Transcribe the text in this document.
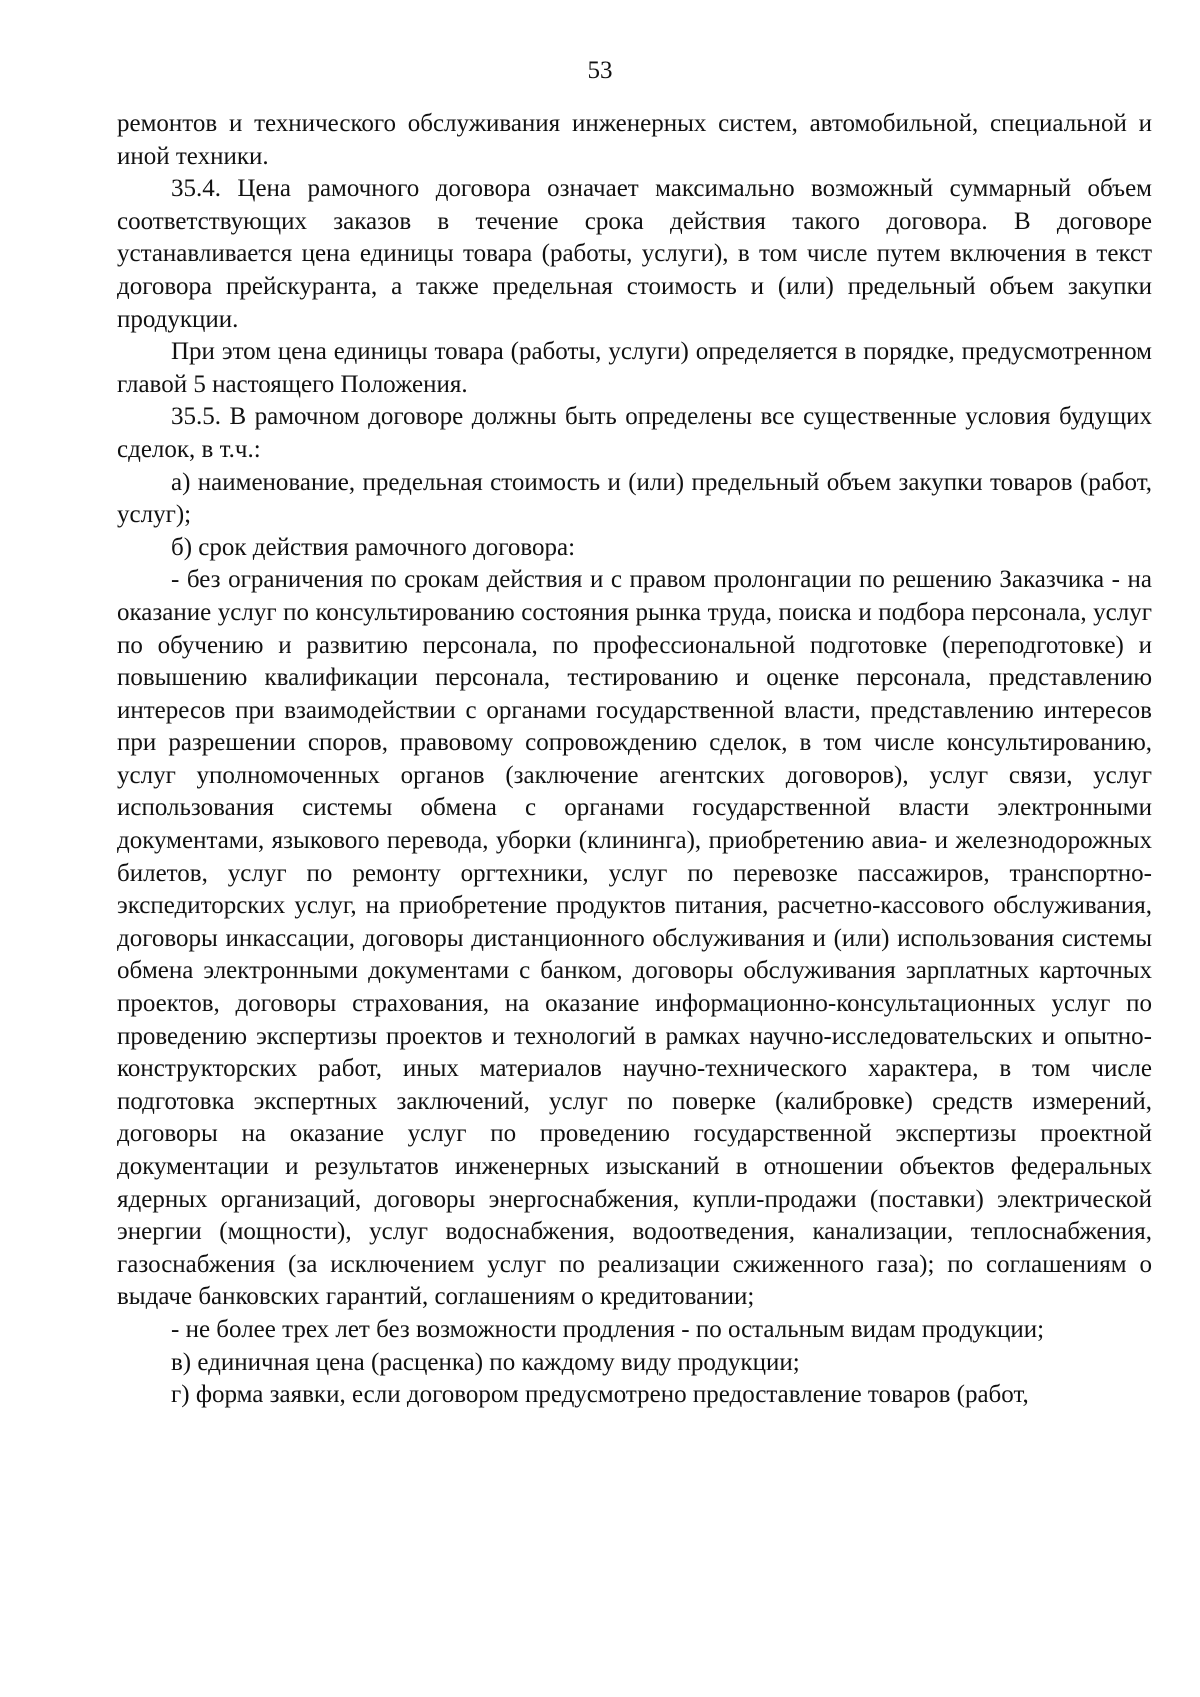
53

ремонтов и технического обслуживания инженерных систем, автомобильной, специальной и иной техники.

35.4. Цена рамочного договора означает максимально возможный суммарный объем соответствующих заказов в течение срока действия такого договора. В договоре устанавливается цена единицы товара (работы, услуги), в том числе путем включения в текст договора прейскуранта, а также предельная стоимость и (или) предельный объем закупки продукции.

При этом цена единицы товара (работы, услуги) определяется в порядке, предусмотренном главой 5 настоящего Положения.

35.5. В рамочном договоре должны быть определены все существенные условия будущих сделок, в т.ч.:

а) наименование, предельная стоимость и (или) предельный объем закупки товаров (работ, услуг);

б) срок действия рамочного договора:

- без ограничения по срокам действия и с правом пролонгации по решению Заказчика - на оказание услуг по консультированию состояния рынка труда, поиска и подбора персонала, услуг по обучению и развитию персонала, по профессиональной подготовке (переподготовке) и повышению квалификации персонала, тестированию и оценке персонала, представлению интересов при взаимодействии с органами государственной власти, представлению интересов при разрешении споров, правовому сопровождению сделок, в том числе консультированию, услуг уполномоченных органов (заключение агентских договоров), услуг связи, услуг использования системы обмена с органами государственной власти электронными документами, языкового перевода, уборки (клининга), приобретению авиа- и железнодорожных билетов, услуг по ремонту оргтехники, услуг по перевозке пассажиров, транспортно-экспедиторских услуг, на приобретение продуктов питания, расчетно-кассового обслуживания, договоры инкассации, договоры дистанционного обслуживания и (или) использования системы обмена электронными документами с банком, договоры обслуживания зарплатных карточных проектов, договоры страхования, на оказание информационно-консультационных услуг по проведению экспертизы проектов и технологий в рамках научно-исследовательских и опытно-конструкторских работ, иных материалов научно-технического характера, в том числе подготовка экспертных заключений, услуг по поверке (калибровке) средств измерений, договоры на оказание услуг по проведению государственной экспертизы проектной документации и результатов инженерных изысканий в отношении объектов федеральных ядерных организаций, договоры энергоснабжения, купли-продажи (поставки) электрической энергии (мощности), услуг водоснабжения, водоотведения, канализации, теплоснабжения, газоснабжения (за исключением услуг по реализации сжиженного газа); по соглашениям о выдаче банковских гарантий, соглашениям о кредитовании;

- не более трех лет без возможности продления - по остальным видам продукции;

в) единичная цена (расценка) по каждому виду продукции;

г) форма заявки, если договором предусмотрено предоставление товаров (работ,
